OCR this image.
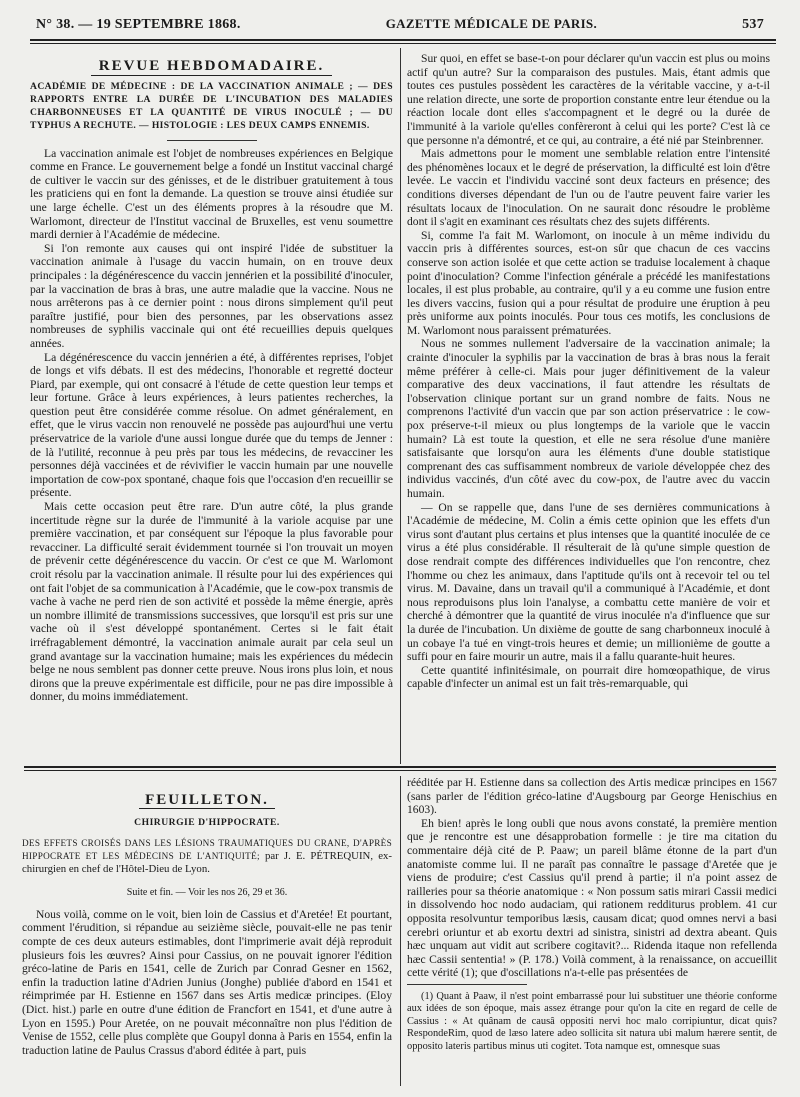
N° 38. — 19 SEPTEMBRE 1868.	GAZETTE MÉDICALE DE PARIS.	537
REVUE HEBDOMADAIRE.
ACADÉMIE DE MÉDECINE : DE LA VACCINATION ANIMALE ; — DES RAPPORTS ENTRE LA DURÉE DE L'INCUBATION DES MALADIES CHARBONNEUSES ET LA QUANTITÉ DE VIRUS INOCULÉ ; — DU TYPHUS A RECHUTE. — HISTOLOGIE : LES DEUX CAMPS ENNEMIS.

La vaccination animale est l'objet de nombreuses expériences en Belgique comme en France. Le gouvernement belge a fondé un Institut vaccinal chargé de cultiver le vaccin sur des génisses, et de le distribuer gratuitement à tous les praticiens qui en font la demande. La question se trouve ainsi étudiée sur une large échelle. C'est un des éléments propres à la résoudre que M. Warlomont, directeur de l'Institut vaccinal de Bruxelles, est venu soumettre mardi dernier à l'Académie de médecine.

Si l'on remonte aux causes qui ont inspiré l'idée de substituer la vaccination animale à l'usage du vaccin humain, on en trouve deux principales : la dégénérescence du vaccin jennérien et la possibilité d'inoculer, par la vaccination de bras à bras, une autre maladie que la vaccine. Nous ne nous arrêterons pas à ce dernier point : nous dirons simplement qu'il peut paraître justifié, pour bien des personnes, par les observations assez nombreuses de syphilis vaccinale qui ont été recueillies depuis quelques années.

La dégénérescence du vaccin jennérien a été, à différentes reprises, l'objet de longs et vifs débats. Il est des médecins, l'honorable et regretté docteur Piard, par exemple, qui ont consacré à l'étude de cette question leur temps et leur fortune. Grâce à leurs expériences, à leurs patientes recherches, la question peut être considérée comme résolue. On admet généralement, en effet, que le virus vaccin non renouvelé ne possède pas aujourd'hui une vertu préservatrice de la variole d'une aussi longue durée que du temps de Jenner : de là l'utilité, reconnue à peu près par tous les médecins, de revacciner les personnes déjà vaccinées et de révivifier le vaccin humain par une nouvelle importation de cow-pox spontané, chaque fois que l'occasion d'en recueillir se présente.

Mais cette occasion peut être rare. D'un autre côté, la plus grande incertitude règne sur la durée de l'immunité à la variole acquise par une première vaccination, et par conséquent sur l'époque la plus favorable pour revacciner. La difficulté serait évidemment tournée si l'on trouvait un moyen de prévenir cette dégénérescence du vaccin. Or c'est ce que M. Warlomont croit résolu par la vaccination animale. Il résulte pour lui des expériences qui ont fait l'objet de sa communication à l'Académie, que le cow-pox transmis de vache à vache ne perd rien de son activité et possède la même énergie, après un nombre illimité de transmissions successives, que lorsqu'il est pris sur une vache où il s'est développé spontanément. Certes si le fait était irréfragablement démontré, la vaccination animale aurait par cela seul un grand avantage sur la vaccination humaine; mais les expériences du médecin belge ne nous semblent pas donner cette preuve. Nous irons plus loin, et nous dirons que la preuve expérimentale est difficile, pour ne pas dire impossible à donner, du moins immédiatement.

Sur quoi, en effet se base-t-on pour déclarer qu'un vaccin est plus ou moins actif qu'un autre? Sur la comparaison des pustules. Mais, étant admis que toutes ces pustules possèdent les caractères de la véritable vaccine, y a-t-il une relation directe, une sorte de proportion constante entre leur étendue ou la réaction locale dont elles s'accompagnent et le degré ou la durée de l'immunité à la variole qu'elles confèreront à celui qui les porte? C'est là ce que personne n'a démontré, et ce qui, au contraire, a été nié par Steinbrenner.

Mais admettons pour le moment une semblable relation entre l'intensité des phénomènes locaux et le degré de préservation, la difficulté est loin d'être levée. Le vaccin et l'individu vacciné sont deux facteurs en présence; des conditions diverses dépendant de l'un ou de l'autre peuvent faire varier les résultats locaux de l'inoculation. On ne saurait donc résoudre le problème dont il s'agit en examinant ces résultats chez des sujets différents.

Si, comme l'a fait M. Warlomont, on inocule à un même individu du vaccin pris à différentes sources, est-on sûr que chacun de ces vaccins conserve son action isolée et que cette action se traduise localement à chaque point d'inoculation? Comme l'infection générale a précédé les manifestations locales, il est plus probable, au contraire, qu'il y a eu comme une fusion entre les divers vaccins, fusion qui a pour résultat de produire une éruption à peu près uniforme aux points inoculés. Pour tous ces motifs, les conclusions de M. Warlomont nous paraissent prématurées.

Nous ne sommes nullement l'adversaire de la vaccination animale; la crainte d'inoculer la syphilis par la vaccination de bras à bras nous la ferait même préférer à celle-ci. Mais pour juger définitivement de la valeur comparative des deux vaccinations, il faut attendre les résultats de l'observation clinique portant sur un grand nombre de faits. Nous ne comprenons l'activité d'un vaccin que par son action préservatrice : le cow-pox préserve-t-il mieux ou plus longtemps de la variole que le vaccin humain? Là est toute la question, et elle ne sera résolue d'une manière satisfaisante que lorsqu'on aura les éléments d'une double statistique comprenant des cas suffisamment nombreux de variole développée chez des individus vaccinés, d'un côté avec du cow-pox, de l'autre avec du vaccin humain.

— On se rappelle que, dans l'une de ses dernières communications à l'Académie de médecine, M. Colin a émis cette opinion que les effets d'un virus sont d'autant plus certains et plus intenses que la quantité inoculée de ce virus a été plus considérable. Il résulterait de là qu'une simple question de dose rendrait compte des différences individuelles que l'on rencontre, chez l'homme ou chez les animaux, dans l'aptitude qu'ils ont à recevoir tel ou tel virus. M. Davaine, dans un travail qu'il a communiqué à l'Académie, et dont nous reproduisons plus loin l'analyse, a combattu cette manière de voir et cherché à démontrer que la quantité de virus inoculée n'a d'influence que sur la durée de l'incubation. Un dixième de goutte de sang charbonneux inoculé à un cobaye l'a tué en vingt-trois heures et demie; un millionième de goutte a suffi pour en faire mourir un autre, mais il a fallu quarante-huit heures.

Cette quantité infinitésimale, on pourrait dire homœopathique, de virus capable d'infecter un animal est un fait très-remarquable, qui

FEUILLETON.
CHIRURGIE D'HIPPOCRATE.
DES EFFETS CROISÉS DANS LES LÉSIONS TRAUMATIQUES DU CRANE, D'APRÈS HIPPOCRATE ET LES MÉDECINS DE L'ANTIQUITÉ; par J. E. PÉTREQUIN, ex-chirurgien en chef de l'Hôtel-Dieu de Lyon.
Suite et fin. — Voir les nos 26, 29 et 36.

Nous voilà, comme on le voit, bien loin de Cassius et d'Aretée! Et pourtant, comment l'érudition, si répandue au seizième siècle, pouvait-elle ne pas tenir compte de ces deux auteurs estimables, dont l'imprimerie avait déjà reproduit plusieurs fois les œuvres? Ainsi pour Cassius, on ne pouvait ignorer l'édition gréco-latine de Paris en 1541, celle de Zurich par Conrad Gesner en 1562, enfin la traduction latine d'Adrien Junius (Jonghe) publiée d'abord en 1541 et réimprimée par H. Estienne en 1567 dans ses Artis medicæ principes. (Eloy (Dict. hist.) parle en outre d'une édition de Francfort en 1541, et d'une autre à Lyon en 1595.) Pour Aretée, on ne pouvait méconnaître non plus l'édition de Venise de 1552, celle plus complète que Goupyl donna à Paris en 1554, enfin la traduction latine de Paulus Crassus d'abord éditée à part, puis

rééditée par H. Estienne dans sa collection des Artis medicæ principes en 1567 (sans parler de l'édition gréco-latine d'Augsbourg par George Henischius en 1603).

Eh bien! après le long oubli que nous avons constaté, la première mention que je rencontre est une désapprobation formelle : je tire ma citation du commentaire déjà cité de P. Paaw; un pareil blâme étonne de la part d'un anatomiste comme lui. Il ne paraît pas connaître le passage d'Aretée que je viens de produire; c'est Cassius qu'il prend à partie; il n'a point assez de railleries pour sa théorie anatomique : « Non possum satis mirari Cassii medici in dissolvendo hoc nodo audaciam, qui rationem redditurus problem. 41 cur opposita resolvuntur temporibus læsis, causam dicat; quod omnes nervi a basi cerebri oriuntur et ab exortu dextri ad sinistra, sinistri ad dextra abeant. Quis hæc unquam aut vidit aut scribere cogitavit?... Ridenda itaque non refellenda hæc Cassii sententia! » (P. 178.) Voilà comment, à la renaissance, on accueillit cette vérité (1); que d'oscillations n'a-t-elle pas présentées de

(1) Quant à Paaw, il n'est point embarrassé pour lui substituer une théorie conforme aux idées de son époque, mais assez étrange pour qu'on la cite en regard de celle de Cassius : « At quânam de causâ oppositi nervi hoc malo corripiuntur, dicat quis? RespondeRim, quod de læso latere adeo sollicita sit natura ubi malum hærere sentit, de opposito lateris partibus minus uti cogitet. Tota namque est, omnesque suas
